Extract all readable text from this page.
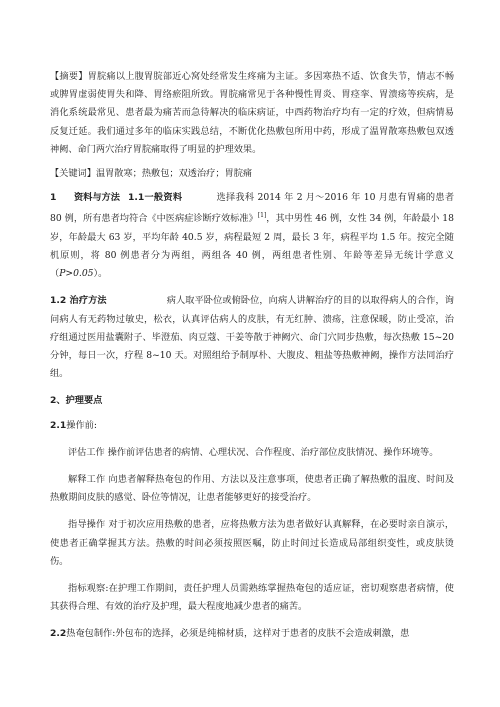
【摘要】胃脘痛以上腹胃脘部近心窝处经常发生疼痛为主证。多因寒热不适、饮食失节，情志不畅或脾胃虚弱使胃失和降、胃络瘀阻所致。胃脘痛常见于各种慢性胃炎、胃痉挛、胃溃疡等疾病，是消化系统最常见、患者最为痛苦而急待解决的临床病证，中西药物治疗均有一定的疗效，但病情易反复迁延。我们通过多年的临床实践总结，不断优化热敷包所用中药，形成了温胃散寒热敷包双透神阙、命门两穴治疗胃脘痛取得了明显的护理效果。

【关键词】温胃散寒；热敷包；双透治疗；胃脘痛

1 资料与方法 1.1一般资料	选择我科 2014 年 2 月～2016 年 10 月患有胃痛的患者 80 例，所有患者均符合《中医病症诊断疗效标准》[1]，其中男性 46 例，女性 34 例，年龄最小 18 岁，年龄最大 63 岁，平均年龄 40.5 岁，病程最短 2 周，最长 3 年，病程平均 1.5 年。按完全随机原则，将 80 例患者分为两组，两组各 40 例，两组患者性别、年龄等差异无统计学意义（P>0.05）。

1.2 治疗方法	病人取平卧位或俯卧位，向病人讲解治疗的目的以取得病人的合作，询问病人有无药物过敏史，松衣，认真评估病人的皮肤，有无红肿、溃疡，注意保暖，防止受凉，治疗组通过医用盐囊附子、毕澄茄、肉豆蔻、干姜等散于神阙穴、命门穴同步热敷，每次热敷 15~20 分钟，每日一次，疗程 8~10 天。对照组给予制厚朴、大腹皮、粗盐等热敷神阙，操作方法同治疗组。

2、护理要点

2.1操作前:

评估工作 操作前评估患者的病情、心理状况、合作程度、治疗部位皮肤情况、操作环境等。

解释工作 向患者解释热奄包的作用、方法以及注意事项，使患者正确了解热敷的温度、时间及热敷期间皮肤的感觉、卧位等情况，让患者能够更好的接受治疗。

指导操作 对于初次应用热敷的患者，应将热敷方法为患者做好认真解释，在必要时亲自演示，使患者正确掌握其方法。热敷的时间必须按照医嘱，防止时间过长造成局部组织变性，或皮肤烫伤。

指标观察:在护理工作期间，责任护理人员需熟练掌握热奄包的适应证，密切观察患者病情，使其获得合理、有效的治疗及护理，最大程度地减少患者的痛苦。

2.2热奄包制作:外包布的选择，必须是纯棉材质，这样对于患者的皮肤不会造成刺激，患
